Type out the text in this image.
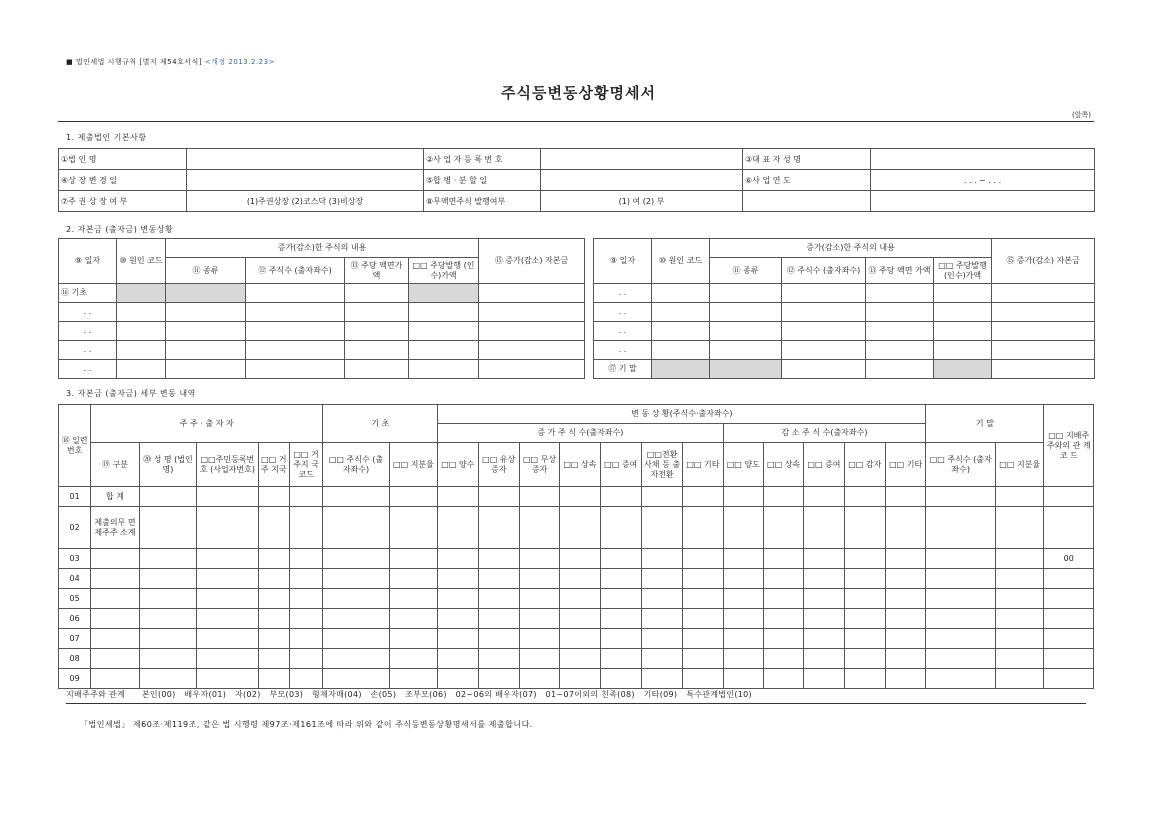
■ 법인세법 시행규칙 [별지 제54호서식] <개정 2013.2.23>
주식등변동상황명세서
(앞쪽)
1. 제출법인 기본사항
①법 인 명		②사 업 자 등 록 번 호		③대 표 자 성 명	
④상 장 변 경 일		⑤합 병 · 분 할 일		⑥사 업 연 도	. . . ~ . . .
⑦주 권 상 장 여 부	(1)주권상장 (2)코스닥 (3)비상장	⑧무액면주식 발행여부	(1) 여 (2) 부		
2. 자본금 (출자금) 변동상황
⑨ 일자	⑩ 원인 코드	증가(감소)한 주식의 내용				⑮ 증가(감소) 자본금
		⑪ 종류	⑫ 주식수 (출자좌수)	⑬ 주당 액면가액	□□ 주당발행 (인수)가액	
⑯ 기초						
. .						
. .						
. .						
. .						
⑨ 일자	⑩ 원인 코드	증가(감소)한 주식의 내용				⑮ 증가(감소) 자본금
		⑪ 종류	⑫ 주식수 (출자좌수)	⑬ 주당 액면 가액	□□ 주당발행 (인수)가액	
. .						
. .						
. .						
. .						
⑰ 기 말						
3. 자본금 (출자금) 세부 변동 내역
⑱ 일련 번호	주 주 · 출 자 자					기 초		변 동 상 황(주식수·출자좌수)												기 말		□□ 지배주주와의 관 계 코 드
								증 가 주 식 수(출자좌수)							감 소 주 식 수(출자좌수)							
	⑲ 구분	⑳ 성 명 (법인명)	□□주민등록번호 (사업자번호)	□□ 거주 지국	□□ 거주지 국코드	□□ 주식수 (출자좌수)	□□ 지분율	□□ 양수	□□ 유상증자	□□ 무상증자	□□ 상속	□□ 증여	□□전환 사채 등 출자전환	□□ 기타	□□ 양도	□□ 상속	□□ 증여	□□ 감자	□□ 기타	□□ 주식수 (출자좌수)	□□ 지분율	
01	합 계																					
02	제출의무 면제주주 소계																					
03																						00
04																						
05																						
06																						
07																						
08																						
09																						
지배주주와 관계 본인(00) 배우자(01) 자(02) 부모(03) 형제자매(04) 손(05) 조부모(06) 02~06의 배우자(07) 01~07이외의 친족(08) 기타(09) 특수관계법인(10)
「법인세법」 제60조·제119조, 같은 법 시행령 제97조·제161조에 따라 위와 같이 주식등변동상황명세서를 제출합니다.
